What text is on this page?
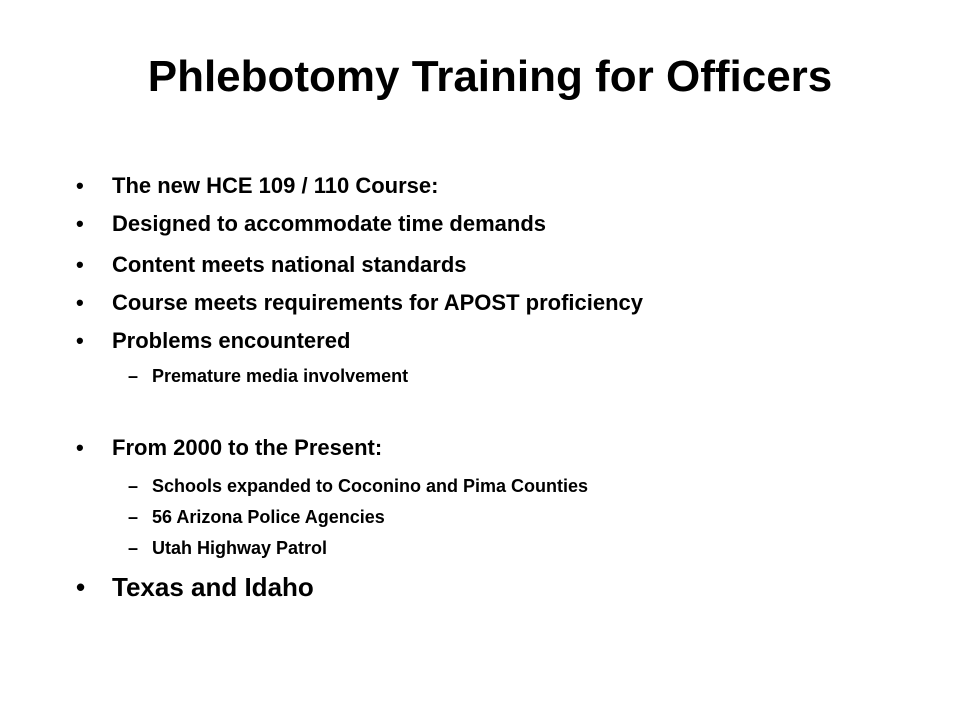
Phlebotomy Training for Officers
•	The new HCE 109 / 110 Course:
•	Designed to accommodate time demands
•	Content meets national standards
•	Course meets requirements for APOST proficiency
•	Problems encountered
– Premature media involvement
•	From 2000 to the Present:
– Schools expanded to Coconino and Pima Counties
– 56 Arizona Police Agencies
– Utah Highway Patrol
•	Texas and Idaho
